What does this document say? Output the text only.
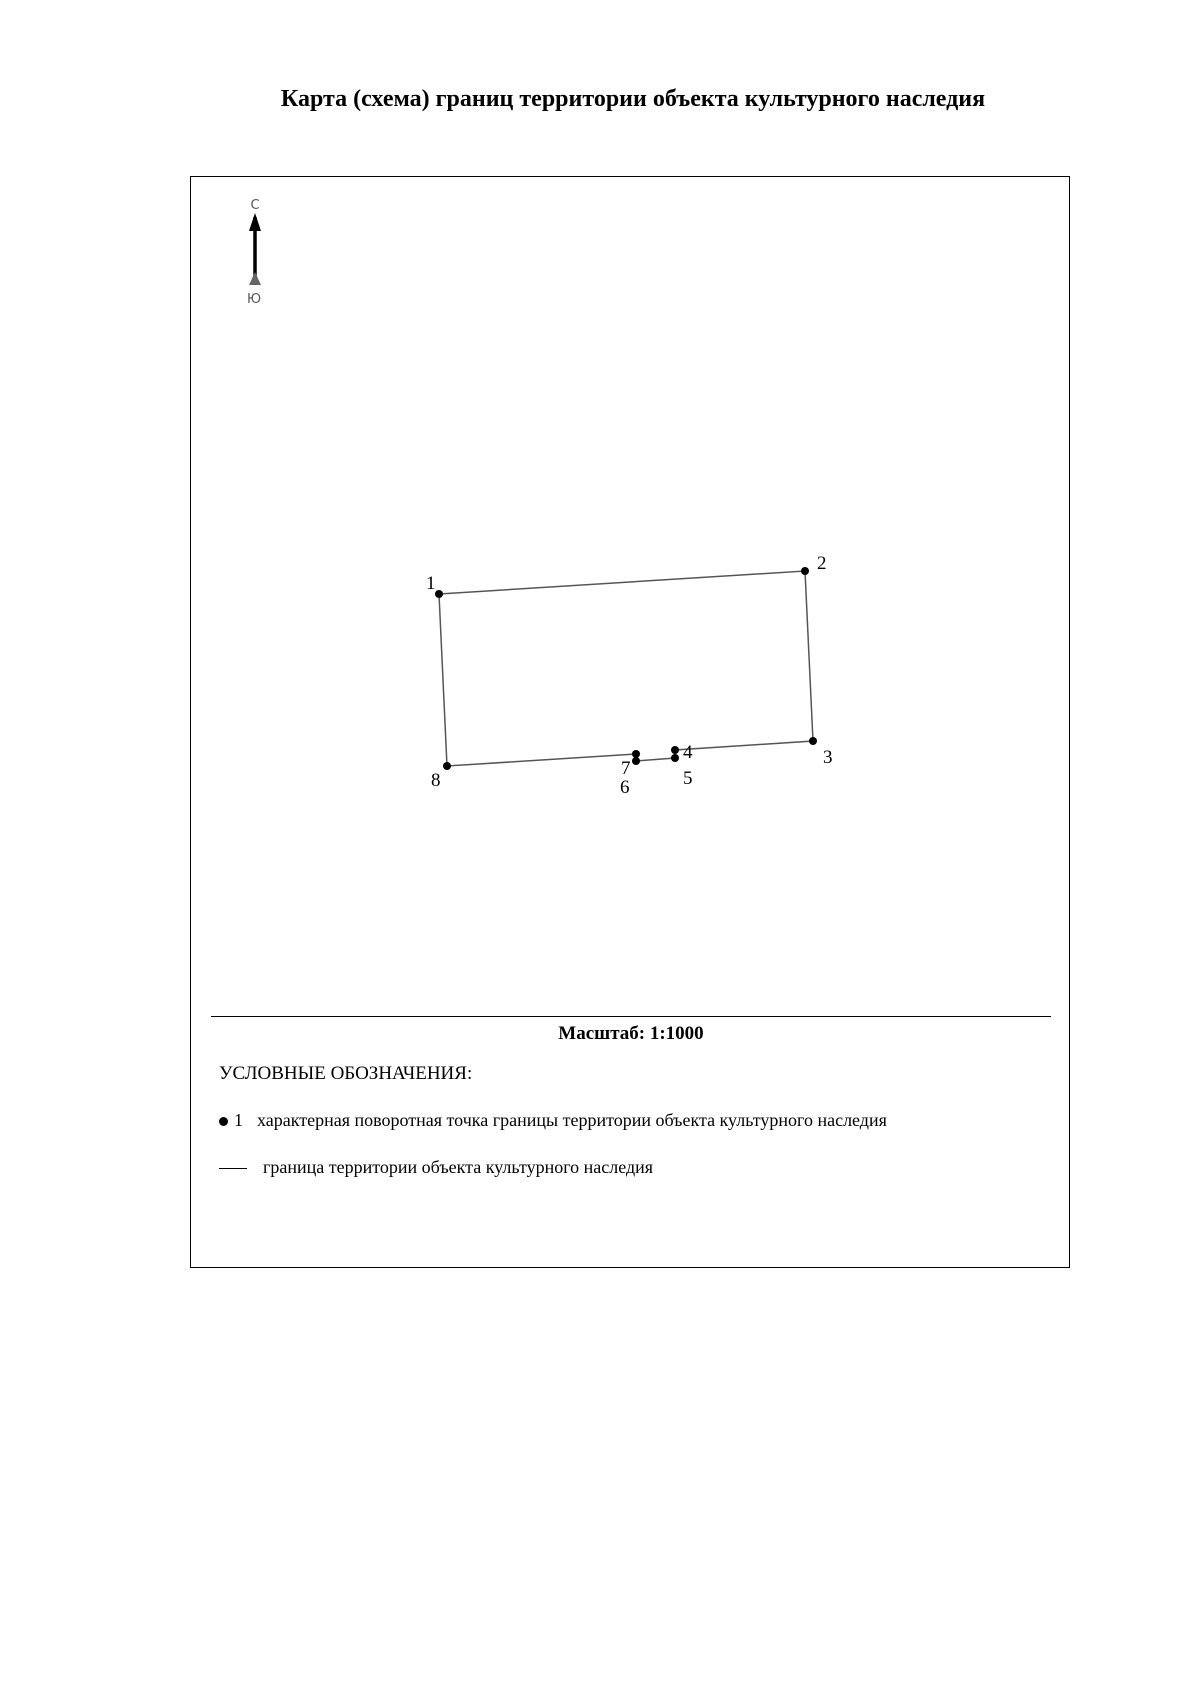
Карта (схема) границ территории объекта культурного наследия
С
Ю
1
2
3
4
5
6
7
8
Масштаб: 1:1000
УСЛОВНЫЕ ОБОЗНАЧЕНИЯ:
1 характерная поворотная точка границы территории объекта культурного наследия
граница территории объекта культурного наследия
